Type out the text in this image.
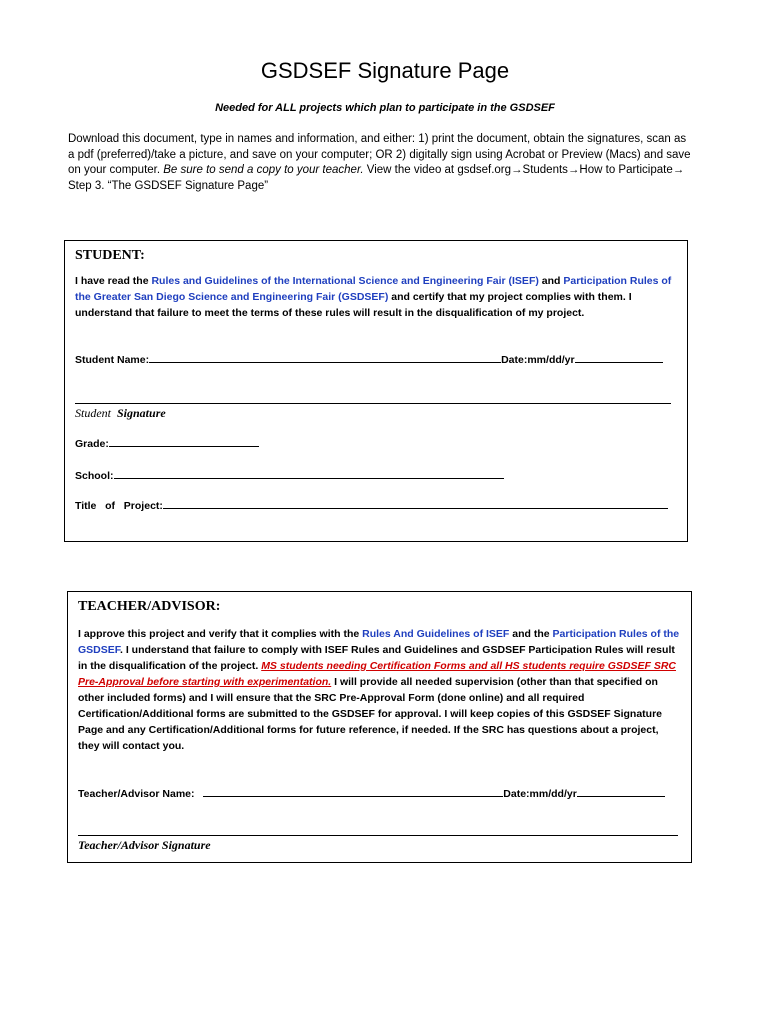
GSDSEF Signature Page
Needed for ALL projects which plan to participate in the GSDSEF
Download this document, type in names and information, and either: 1) print the document, obtain the signatures, scan as a pdf (preferred)/take a picture, and save on your computer; OR 2) digitally sign using Acrobat or Preview (Macs) and save on your computer. Be sure to send a copy to your teacher. View the video at gsdsef.org→Students→How to Participate→ Step 3. “The GSDSEF Signature Page”
STUDENT:
I have read the Rules and Guidelines of the International Science and Engineering Fair (ISEF) and Participation Rules of the Greater San Diego Science and Engineering Fair (GSDSEF) and certify that my project complies with them. I understand that failure to meet the terms of these rules will result in the disqualification of my project.
Student Name:	Date:mm/dd/yr
Student Signature
Grade:
School:
Title   of   Project:
TEACHER/ADVISOR:
I approve this project and verify that it complies with the Rules And Guidelines of ISEF and the Participation Rules of the GSDSEF. I understand that failure to comply with ISEF Rules and Guidelines and GSDSEF Participation Rules will result in the disqualification of the project. MS students needing Certification Forms and all HS students require GSDSEF SRC Pre-Approval before starting with experimentation. I will provide all needed supervision (other than that specified on other included forms) and I will ensure that the SRC Pre-Approval Form (done online) and all required Certification/Additional forms are submitted to the GSDSEF for approval. I will keep copies of this GSDSEF Signature Page and any Certification/Additional forms for future reference, if needed. If the SRC has questions about a project, they will contact you.
Teacher/Advisor Name:	Date:mm/dd/yr
Teacher/Advisor Signature
